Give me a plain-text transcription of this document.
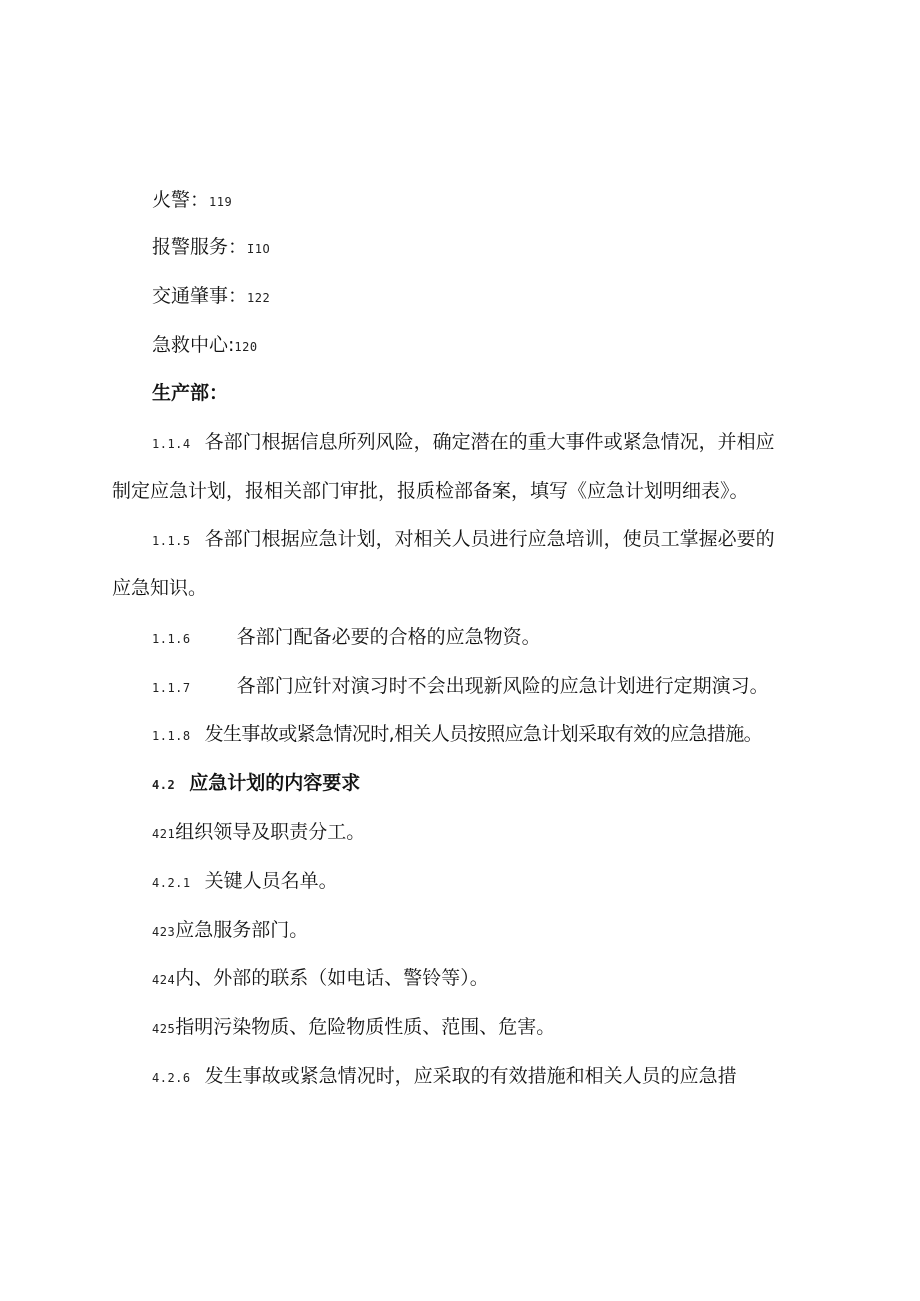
火警：119
报警服务：I1O
交通肇事：122
急救中心:120
生产部：
1.1.4 各部门根据信息所列风险，确定潜在的重大事件或紧急情况，并相应
制定应急计划，报相关部门审批，报质检部备案，填写《应急计划明细表》。
1.1.5 各部门根据应急计划，对相关人员进行应急培训，使员工掌握必要的
应急知识。
1.1.6 各部门配备必要的合格的应急物资。
1.1.7 各部门应针对演习时不会出现新风险的应急计划进行定期演习。
1.1.8 发生事故或紧急情况时,相关人员按照应急计划采取有效的应急措施。
4.2 应急计划的内容要求
421组织领导及职责分工。
4.2.1 关键人员名单。
423应急服务部门。
424内、外部的联系（如电话、警铃等）。
425指明污染物质、危险物质性质、范围、危害。
4.2.6 发生事故或紧急情况时，应采取的有效措施和相关人员的应急措
